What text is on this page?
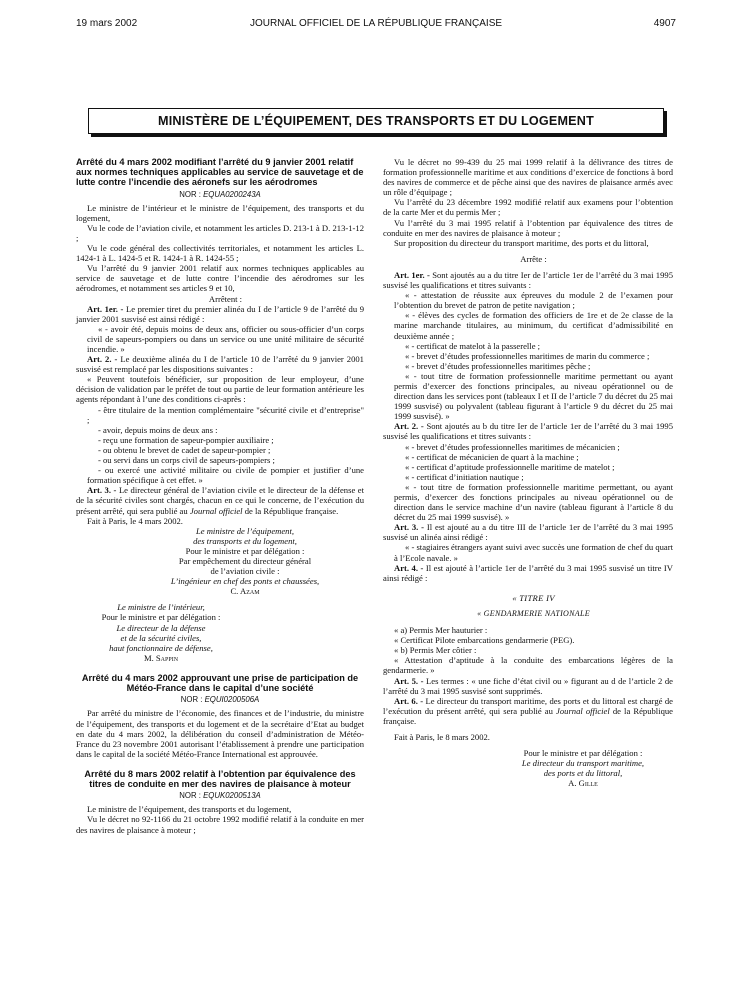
19 mars 2002	JOURNAL OFFICIEL DE LA RÉPUBLIQUE FRANÇAISE	4907
MINISTÈRE DE L’ÉQUIPEMENT, DES TRANSPORTS ET DU LOGEMENT
Arrêté du 4 mars 2002 modifiant l’arrêté du 9 janvier 2001 relatif aux normes techniques applicables au service de sauvetage et de lutte contre l’incendie des aéronefs sur les aérodromes
NOR : EQUA0200243A

Le ministre de l’intérieur et le ministre de l’équipement, des transports et du logement,

Vu le code de l’aviation civile, et notamment les articles D. 213-1 à D. 213-1-12 ;

Vu le code général des collectivités territoriales, et notamment les articles L. 1424-1 à L. 1424-5 et R. 1424-1 à R. 1424-55 ;

Vu l’arrêté du 9 janvier 2001 relatif aux normes techniques applicables au service de sauvetage et de lutte contre l’incendie des aérodromes sur les aérodromes, et notamment ses articles 9 et 10,

Arrêtent :

Art. 1er. - Le premier tiret du premier alinéa du I de l’article 9 de l’arrêté du 9 janvier 2001 susvisé est ainsi rédigé :

« - avoir été, depuis moins de deux ans, officier ou sous-officier d’un corps civil de sapeurs-pompiers ou dans un service ou une unité militaire de sécurité incendie. »

Art. 2. - Le deuxième alinéa du I de l’article 10 de l’arrêté du 9 janvier 2001 susvisé est remplacé par les dispositions suivantes :

« Peuvent toutefois bénéficier, sur proposition de leur employeur, d’une décision de validation par le préfet de tout ou partie de leur formation antérieure les agents répondant à l’une des conditions ci-après :

- être titulaire de la mention complémentaire "sécurité civile et d’entreprise" ;

- avoir, depuis moins de deux ans :

- reçu une formation de sapeur-pompier auxiliaire ;

- ou obtenu le brevet de cadet de sapeur-pompier ;

- ou servi dans un corps civil de sapeurs-pompiers ;

- ou exercé une activité militaire ou civile de pompier et justifier d’une formation spécifique à cet effet. »

Art. 3. - Le directeur général de l’aviation civile et le directeur de la défense et de la sécurité civiles sont chargés, chacun en ce qui le concerne, de l’exécution du présent arrêté, qui sera publié au Journal officiel de la République française.

Fait à Paris, le 4 mars 2002.

Le ministre de l’équipement,
des transports et du logement,
Pour le ministre et par délégation :
Par empêchement du directeur général
de l’aviation civile :
L’ingénieur en chef des ponts et chaussées,
C. Azam
Le ministre de l’intérieur,
Pour le ministre et par délégation :
Le directeur de la défense
et de la sécurité civiles,
haut fonctionnaire de défense,
M. Sappin
Arrêté du 4 mars 2002 approuvant une prise de participation de Météo-France dans le capital d’une société
NOR : EQUI0200506A

Par arrêté du ministre de l’économie, des finances et de l’industrie, du ministre de l’équipement, des transports et du logement et de la secrétaire d’Etat au budget en date du 4 mars 2002, la délibération du conseil d’administration de Météo-France du 23 novembre 2001 autorisant l’établissement à prendre une participation dans le capital de la société Météo-France International est approuvée.

Arrêté du 8 mars 2002 relatif à l’obtention par équivalence des titres de conduite en mer des navires de plaisance à moteur
NOR : EQUK0200513A

Le ministre de l’équipement, des transports et du logement,

Vu le décret no 92-1166 du 21 octobre 1992 modifié relatif à la conduite en mer des navires de plaisance à moteur ;

Vu le décret no 99-439 du 25 mai 1999 relatif à la délivrance des titres de formation professionnelle maritime et aux conditions d’exercice de fonctions à bord des navires de commerce et de pêche ainsi que des navires de plaisance armés avec un rôle d’équipage ;

Vu l’arrêté du 23 décembre 1992 modifié relatif aux examens pour l’obtention de la carte Mer et du permis Mer ;

Vu l’arrêté du 3 mai 1995 relatif à l’obtention par équivalence des titres de conduite en mer des navires de plaisance à moteur ;

Sur proposition du directeur du transport maritime, des ports et du littoral,

Arrête :

Art. 1er. - Sont ajoutés au a du titre Ier de l’article 1er de l’arrêté du 3 mai 1995 susvisé les qualifications et titres suivants :

« - attestation de réussite aux épreuves du module 2 de l’examen pour l’obtention du brevet de patron de petite navigation ;

« - élèves des cycles de formation des officiers de 1re et de 2e classe de la marine marchande titulaires, au minimum, du certificat d’admissibilité en deuxième année ;

« - certificat de matelot à la passerelle ;

« - brevet d’études professionnelles maritimes de marin du commerce ;

« - brevet d’études professionnelles maritimes pêche ;

« - tout titre de formation professionnelle maritime permettant ou ayant permis d’exercer des fonctions principales, au niveau opérationnel ou de direction dans les services pont (tableaux I et II de l’article 7 du décret du 25 mai 1999 susvisé) ou polyvalent (tableau figurant à l’article 9 du décret du 25 mai 1999 susvisé). »

Art. 2. - Sont ajoutés au b du titre Ier de l’article 1er de l’arrêté du 3 mai 1995 susvisé les qualifications et titres suivants :

« - brevet d’études professionnelles maritimes de mécanicien ;

« - certificat de mécanicien de quart à la machine ;

« - certificat d’aptitude professionnelle maritime de matelot ;

« - certificat d’initiation nautique ;

« - tout titre de formation professionnelle maritime permettant, ou ayant permis, d’exercer des fonctions principales au niveau opérationnel ou de direction dans le service machine d’un navire (tableau figurant à l’article 8 du décret du 25 mai 1999 susvisé). »

Art. 3. - Il est ajouté au a du titre III de l’article 1er de l’arrêté du 3 mai 1995 susvisé un alinéa ainsi rédigé :

« - stagiaires étrangers ayant suivi avec succès une formation de chef du quart à l’Ecole navale. »

Art. 4. - Il est ajouté à l’article 1er de l’arrêté du 3 mai 1995 susvisé un titre IV ainsi rédigé :

« TITRE IV

« GENDARMERIE NATIONALE

« a) Permis Mer hauturier :

« Certificat Pilote embarcations gendarmerie (PEG).

« b) Permis Mer côtier :

« Attestation d’aptitude à la conduite des embarcations légères de la gendarmerie. »

Art. 5. - Les termes : « une fiche d’état civil ou » figurant au d de l’article 2 de l’arrêté du 3 mai 1995 susvisé sont supprimés.

Art. 6. - Le directeur du transport maritime, des ports et du littoral est chargé de l’exécution du présent arrêté, qui sera publié au Journal officiel de la République française.

Fait à Paris, le 8 mars 2002.

Pour le ministre et par délégation :
Le directeur du transport maritime,
des ports et du littoral,
A. Gille
